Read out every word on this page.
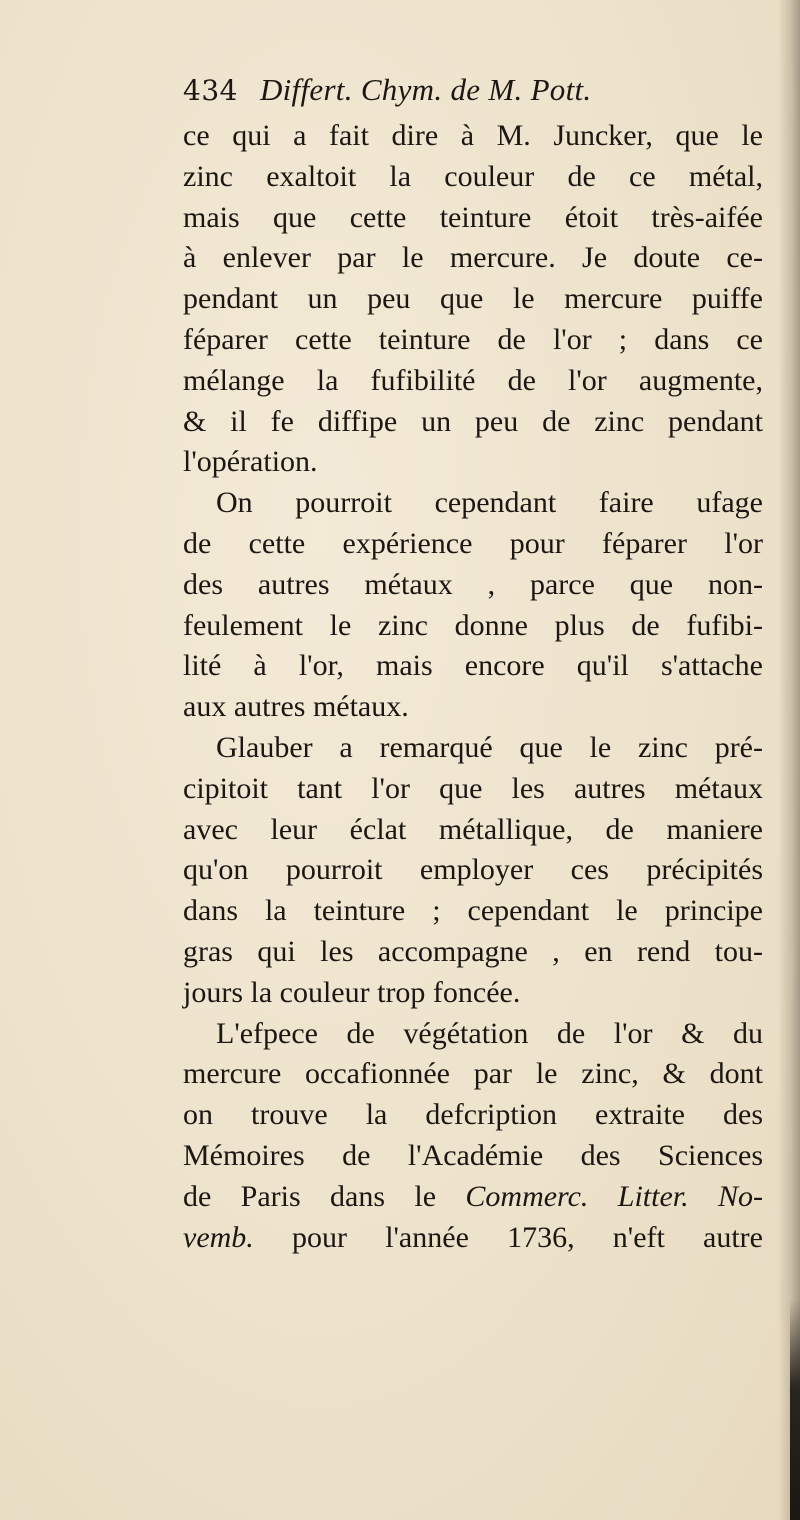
434 Differt. Chym. de M. Pott.
ce qui a fait dire à M. Juncker, que le
zinc exaltoit la couleur de ce métal,
mais que cette teinture étoit très-aifée
à enlever par le mercure. Je doute ce-
pendant un peu que le mercure puiffe
féparer cette teinture de l'or ; dans ce
mélange la fufibilité de l'or augmente,
& il fe diffipe un peu de zinc pendant
l'opération.
On pourroit cependant faire ufage
de cette expérience pour féparer l'or
des autres métaux , parce que non-
feulement le zinc donne plus de fufibi-
lité à l'or, mais encore qu'il s'attache
aux autres métaux.
Glauber a remarqué que le zinc pré-
cipitoit tant l'or que les autres métaux
avec leur éclat métallique, de maniere
qu'on pourroit employer ces précipités
dans la teinture ; cependant le principe
gras qui les accompagne , en rend tou-
jours la couleur trop foncée.
L'efpece de végétation de l'or & du
mercure occafionnée par le zinc, & dont
on trouve la defcription extraite des
Mémoires de l'Académie des Sciences
de Paris dans le Commerc. Litter. No-
vemb. pour l'année 1736, n'eft autre
